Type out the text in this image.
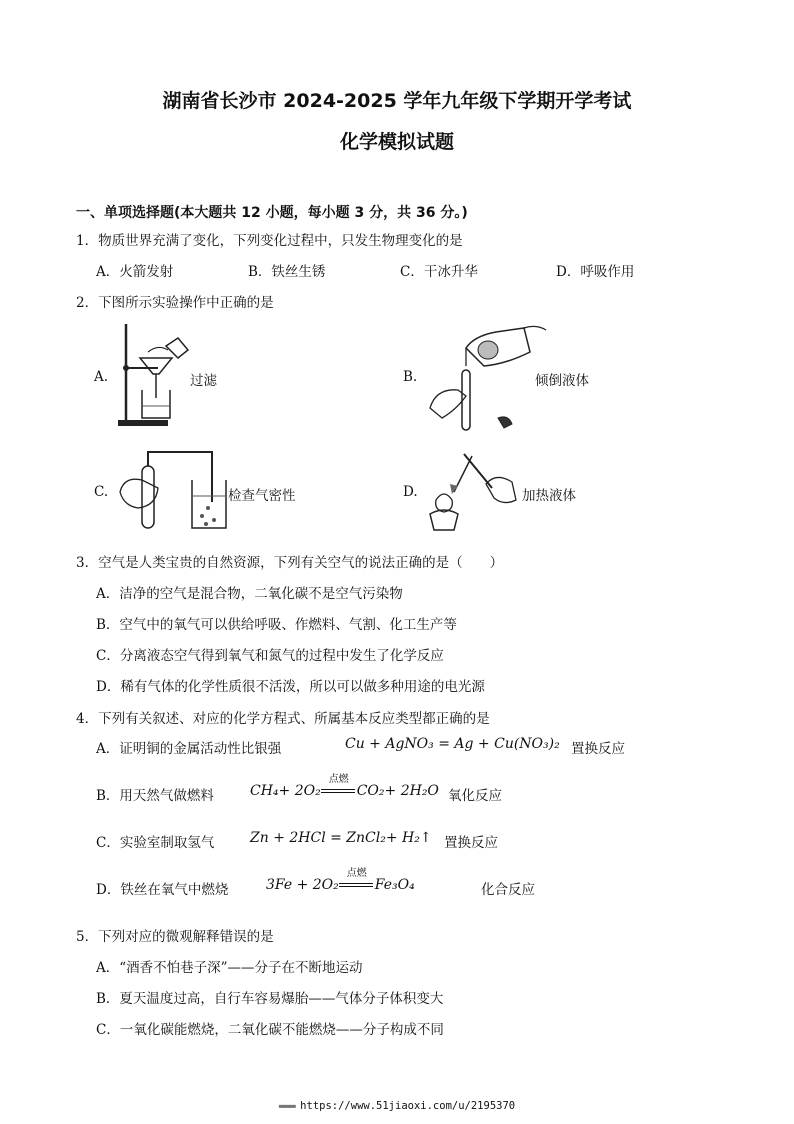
湖南省长沙市 2024-2025 学年九年级下学期开学考试
化学模拟试题
一、单项选择题(本大题共 12 小题，每小题 3 分，共 36 分。)
1．物质世界充满了变化，下列变化过程中，只发生物理变化的是
A．火箭发射	B．铁丝生锈	C．干冰升华	D．呼吸作用
2．下图所示实验操作中正确的是
A.	过滤	B.	倾倒液体
C.	检查气密性	D.	加热液体
3．空气是人类宝贵的自然资源，下列有关空气的说法正确的是（　　）
A．洁净的空气是混合物，二氧化碳不是空气污染物
B．空气中的氧气可以供给呼吸、作燃料、气割、化工生产等
C．分离液态空气得到氧气和氮气的过程中发生了化学反应
D．稀有气体的化学性质很不活泼，所以可以做多种用途的电光源
4．下列有关叙述、对应的化学方程式、所属基本反应类型都正确的是
A．证明铜的金属活动性比银强	Cu + AgNO₃ = Ag + Cu(NO₃)₂ 置换反应
B．用天然气做燃料	CH₄+ 2O₂
点燃
CO₂+ 2H₂O 氧化反应
C．实验室制取氢气	Zn + 2HCl = ZnCl₂+ H₂↑ 置换反应
D．铁丝在氧气中燃烧	3Fe + 2O₂
点燃
Fe₃O₄	化合反应
5．下列对应的微观解释错误的是
A．“酒香不怕巷子深”——分子在不断地运动
B．夏天温度过高，自行车容易爆胎——气体分子体积变大
C．一氧化碳能燃烧，二氧化碳不能燃烧——分子构成不同
▬▬▬ https://www.51jiaoxi.com/u/2195370
